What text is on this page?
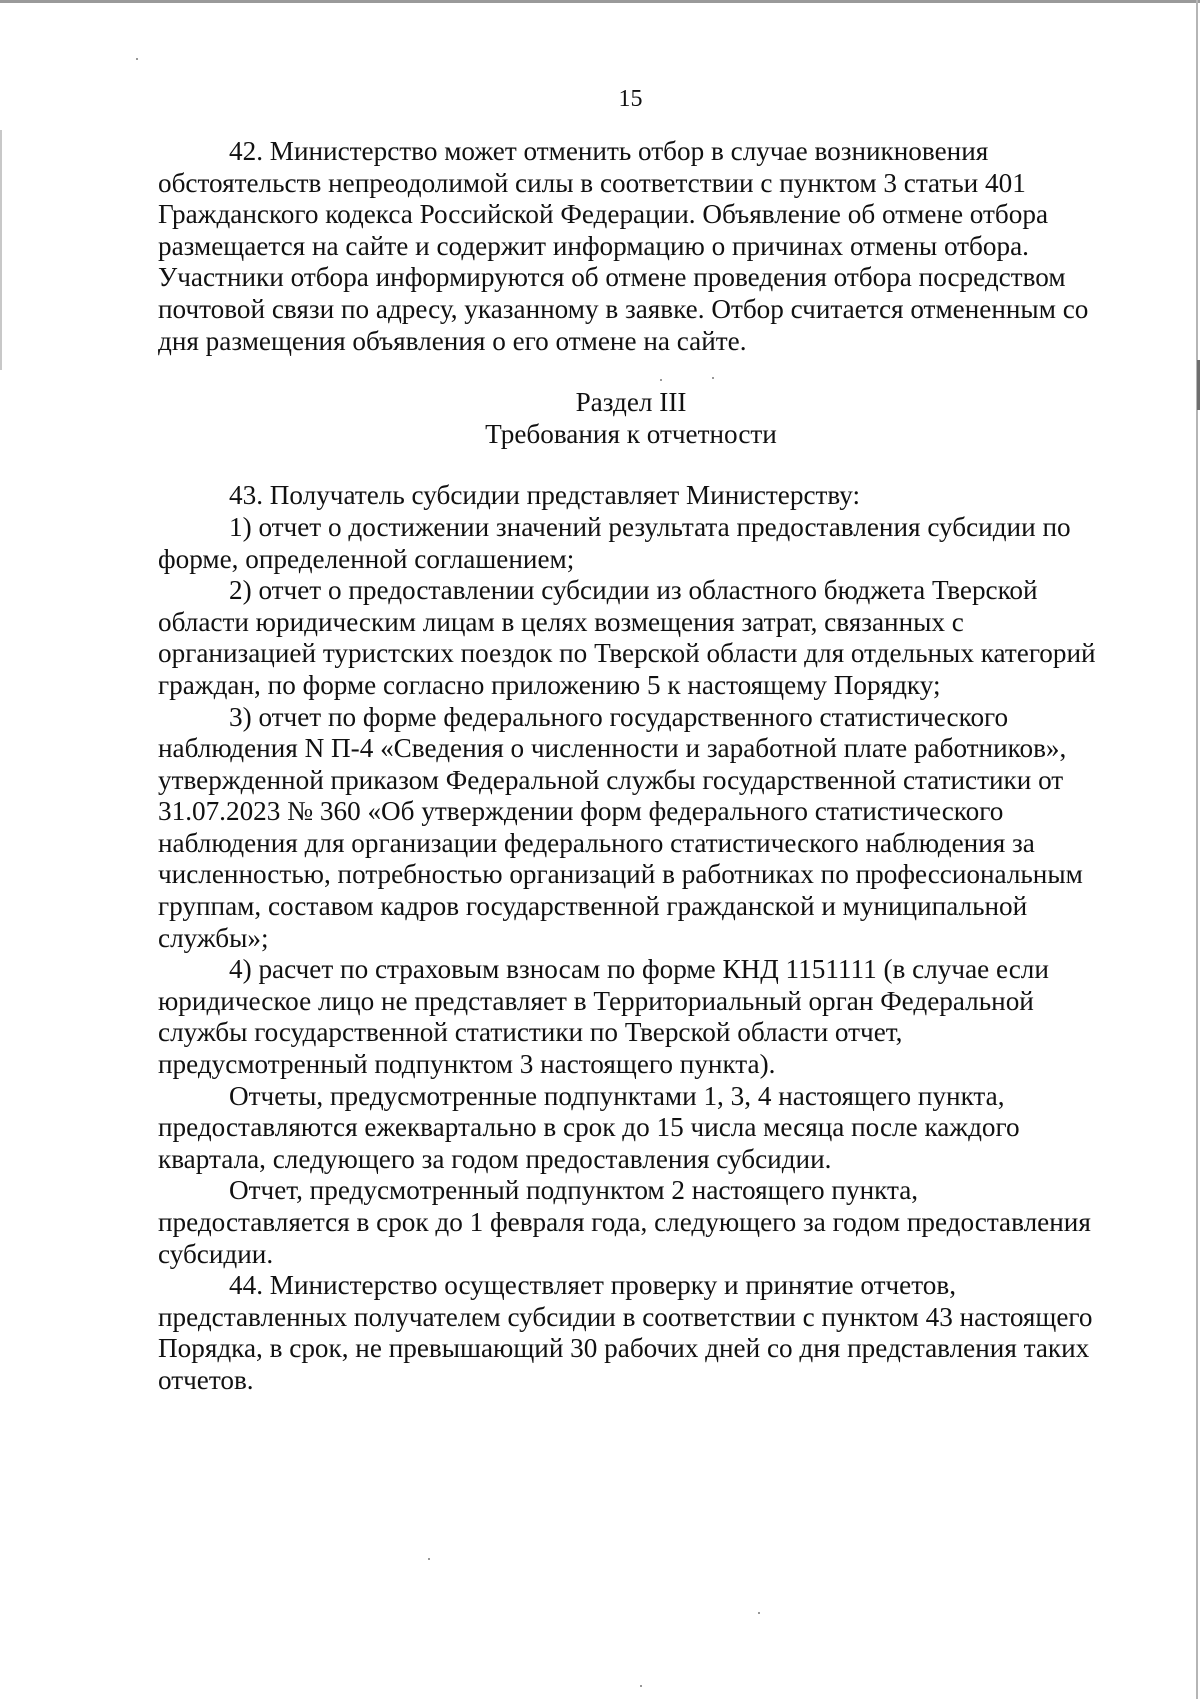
15

42. Министерство может отменить отбор в случае возникновения обстоятельств непреодолимой силы в соответствии с пунктом 3 статьи 401 Гражданского кодекса Российской Федерации. Объявление об отмене отбора размещается на сайте и содержит информацию о причинах отмены отбора. Участники отбора информируются об отмене проведения отбора посредством почтовой связи по адресу, указанному в заявке. Отбор считается отмененным со дня размещения объявления о его отмене на сайте.

Раздел III

Требования к отчетности

43. Получатель субсидии представляет Министерству:

1) отчет о достижении значений результата предоставления субсидии по форме, определенной соглашением;

2) отчет о предоставлении субсидии из областного бюджета Тверской области юридическим лицам в целях возмещения затрат, связанных с организацией туристских поездок по Тверской области для отдельных категорий граждан, по форме согласно приложению 5 к настоящему Порядку;

3) отчет по форме федерального государственного статистического наблюдения N П-4 «Сведения о численности и заработной плате работников», утвержденной приказом Федеральной службы государственной статистики от 31.07.2023 № 360 «Об утверждении форм федерального статистического наблюдения для организации федерального статистического наблюдения за численностью, потребностью организаций в работниках по профессиональным группам, составом кадров государственной гражданской и муниципальной службы»;

4) расчет по страховым взносам по форме КНД 1151111 (в случае если юридическое лицо не представляет в Территориальный орган Федеральной службы государственной статистики по Тверской области отчет, предусмотренный подпунктом 3 настоящего пункта).

Отчеты, предусмотренные подпунктами 1, 3, 4 настоящего пункта, предоставляются ежеквартально в срок до 15 числа месяца после каждого квартала, следующего за годом предоставления субсидии.

Отчет, предусмотренный подпунктом 2 настоящего пункта, предоставляется в срок до 1 февраля года, следующего за годом предоставления субсидии.

44. Министерство осуществляет проверку и принятие отчетов, представленных получателем субсидии в соответствии с пунктом 43 настоящего Порядка, в срок, не превышающий 30 рабочих дней со дня представления таких отчетов.
